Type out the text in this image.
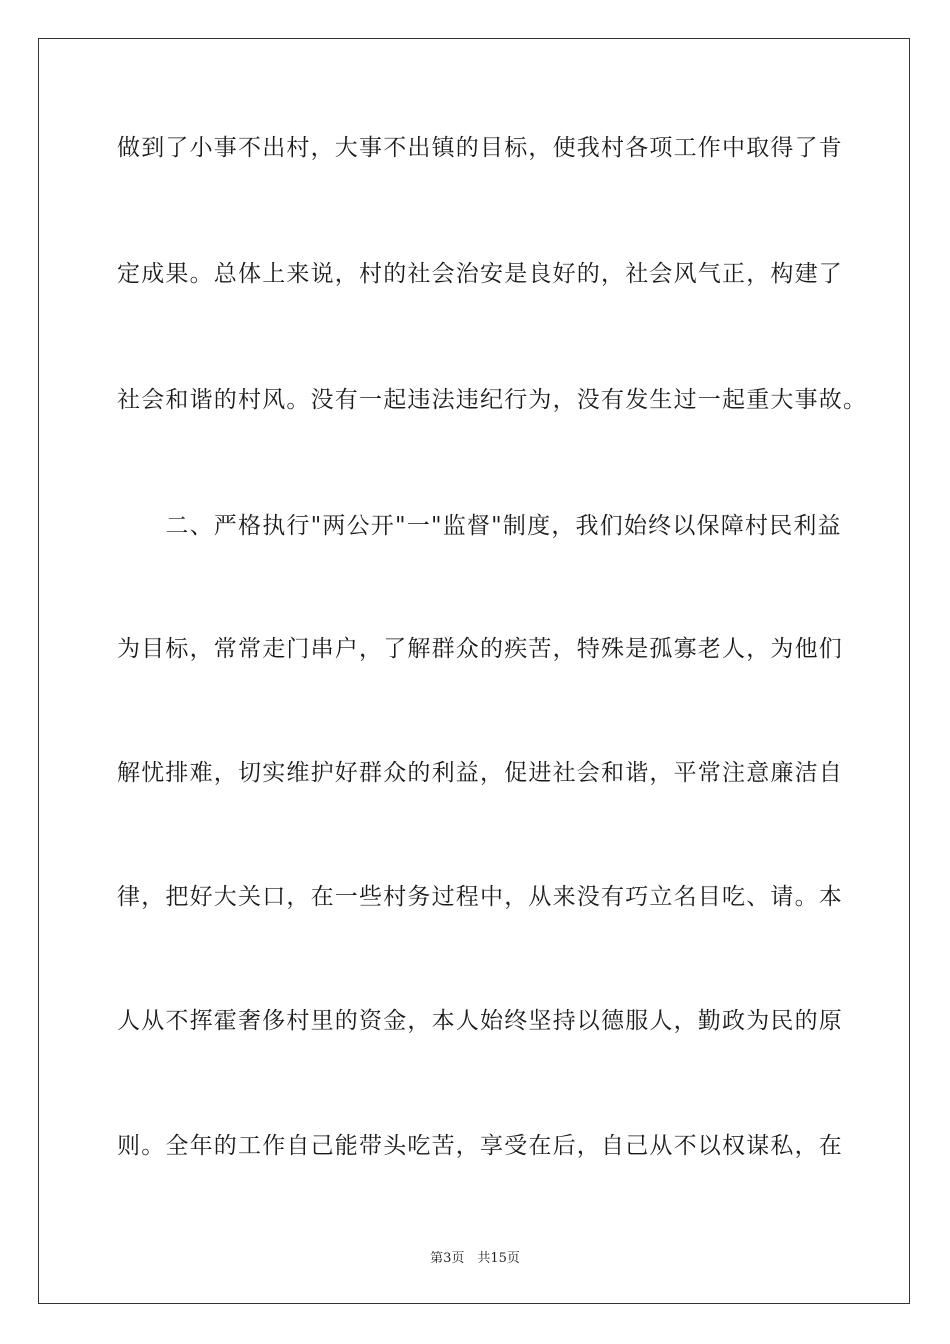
做到了小事不出村，大事不出镇的目标，使我村各项工作中取得了肯
定成果。总体上来说，村的社会治安是良好的，社会风气正，构建了
社会和谐的村风。没有一起违法违纪行为，没有发生过一起重大事故。
　　二、严格执行"两公开"一"监督"制度，我们始终以保障村民利益
为目标，常常走门串户，了解群众的疾苦，特殊是孤寡老人，为他们
解忧排难，切实维护好群众的利益，促进社会和谐，平常注意廉洁自
律，把好大关口，在一些村务过程中，从来没有巧立名目吃、请。本
人从不挥霍奢侈村里的资金，本人始终坚持以德服人，勤政为民的原
则。全年的工作自己能带头吃苦，享受在后，自己从不以权谋私，在
第3页　共15页
